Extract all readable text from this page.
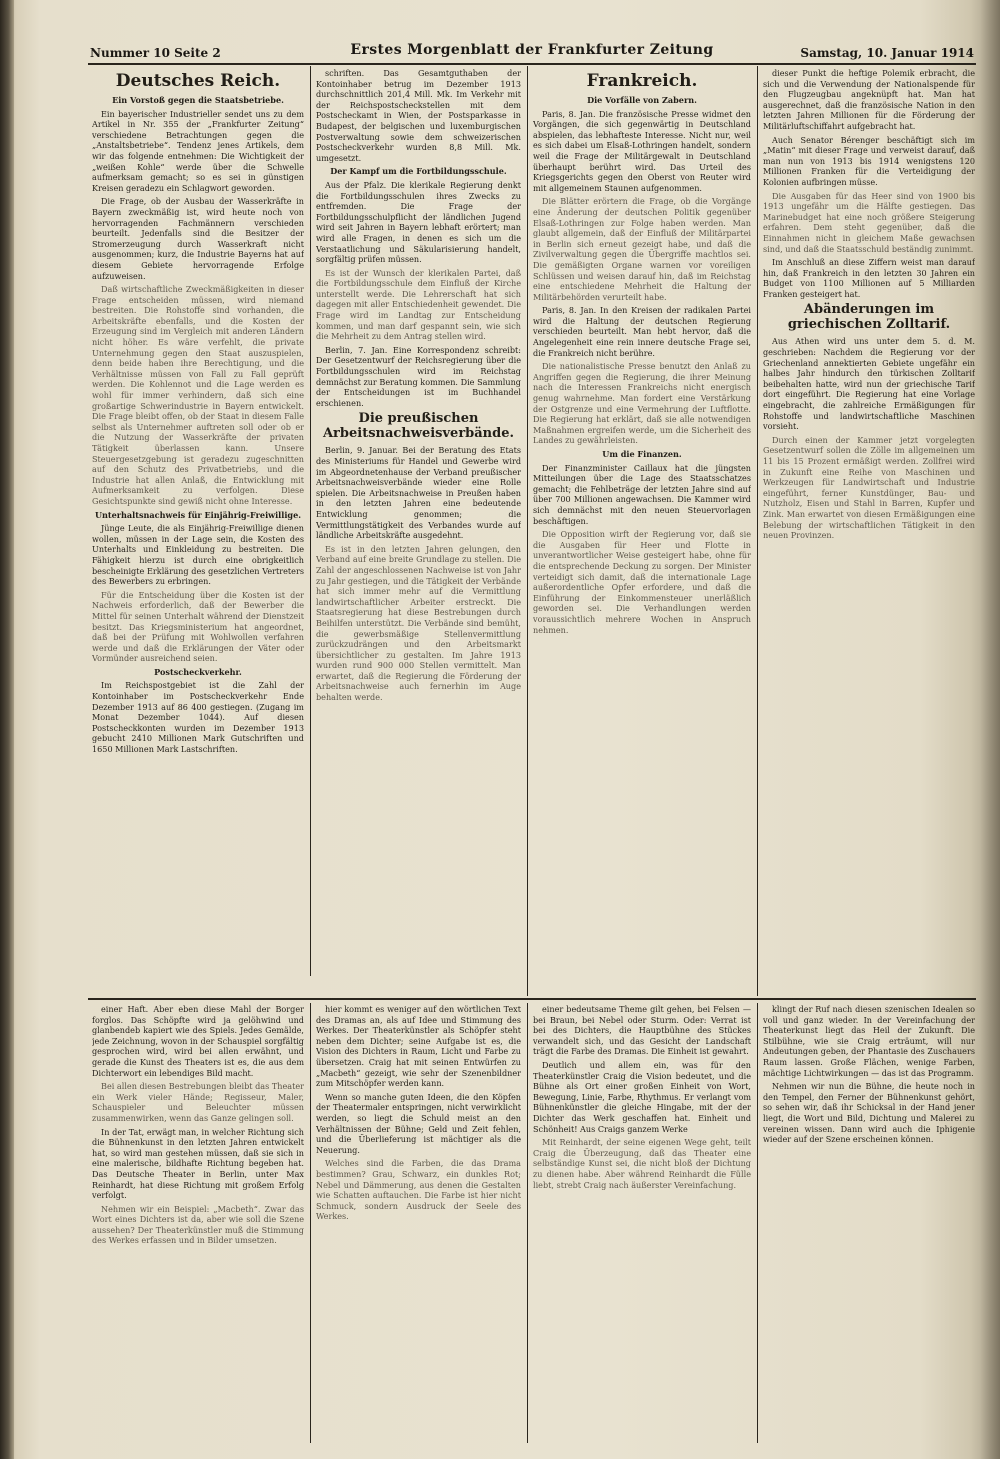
Nummer 10 Seite 2	Erstes Morgenblatt der Frankfurter Zeitung	Samstag, 10. Januar 1914
Deutsches Reich.
Ein Vorstoß gegen die Staatsbetriebe.

Ein bayerischer Industrieller sendet uns zu dem Artikel in Nr. 355 der „Frankfurter Zeitung“ verschiedene Betrachtungen gegen die „Anstaltsbetriebe“. Tendenz jenes Artikels, dem wir das folgende entnehmen: Die Wichtigkeit der „weißen Kohle“ werde über die Schwelle aufmerksam gemacht; so es sei in günstigen Kreisen geradezu ein Schlagwort geworden.

Die Frage, ob der Ausbau der Wasserkräfte in Bayern zweckmäßig ist, wird heute noch von hervorragenden Fachmännern verschieden beurteilt. Jedenfalls sind die Besitzer der Stromerzeugung durch Wasserkraft nicht ausgenommen; kurz, die Industrie Bayerns hat auf diesem Gebiete hervorragende Erfolge aufzuweisen.

Daß wirtschaftliche Zweckmäßigkeiten in dieser Frage entscheiden müssen, wird niemand bestreiten. Die Rohstoffe sind vorhanden, die Arbeitskräfte ebenfalls, und die Kosten der Erzeugung sind im Vergleich mit anderen Ländern nicht höher. Es wäre verfehlt, die private Unternehmung gegen den Staat auszuspielen, denn beide haben ihre Berechtigung, und die Verhältnisse müssen von Fall zu Fall geprüft werden. Die Kohlennot und die Lage werden es wohl für immer verhindern, daß sich eine großartige Schwerindustrie in Bayern entwickelt. Die Frage bleibt offen, ob der Staat in diesem Falle selbst als Unternehmer auftreten soll oder ob er die Nutzung der Wasserkräfte der privaten Tätigkeit überlassen kann. Unsere Steuergesetzgebung ist geradezu zugeschnitten auf den Schutz des Privatbetriebs, und die Industrie hat allen Anlaß, die Entwicklung mit Aufmerksamkeit zu verfolgen. Diese Gesichtspunkte sind gewiß nicht ohne Interesse.

Unterhaltsnachweis für Einjährig-Freiwillige.

Jünge Leute, die als Einjährig-Freiwillige dienen wollen, müssen in der Lage sein, die Kosten des Unterhalts und Einkleidung zu bestreiten. Die Fähigkeit hierzu ist durch eine obrigkeitlich bescheinigte Erklärung des gesetzlichen Vertreters des Bewerbers zu erbringen.

Für die Entscheidung über die Kosten ist der Nachweis erforderlich, daß der Bewerber die Mittel für seinen Unterhalt während der Dienstzeit besitzt. Das Kriegsministerium hat angeordnet, daß bei der Prüfung mit Wohlwollen verfahren werde und daß die Erklärungen der Väter oder Vormünder ausreichend seien.

Postscheckverkehr.

Im Reichspostgebiet ist die Zahl der Kontoinhaber im Postscheckverkehr Ende Dezember 1913 auf 86 400 gestiegen. (Zugang im Monat Dezember 1044). Auf diesen Postscheckkonten wurden im Dezember 1913 gebucht 2410 Millionen Mark Gutschriften und 1650 Millionen Mark Lastschriften.

schriften. Das Gesamtguthaben der Kontoinhaber betrug im Dezember 1913 durchschnittlich 201,4 Mill. Mk. Im Verkehr mit der Reichspostscheckstellen mit dem Postscheckamt in Wien, der Postsparkasse in Budapest, der belgischen und luxemburgischen Postverwaltung sowie dem schweizerischen Postscheckverkehr wurden 8,8 Mill. Mk. umgesetzt.

Der Kampf um die Fortbildungsschule.

Aus der Pfalz. Die klerikale Regierung denkt die Fortbildungsschulen ihres Zwecks zu entfremden. Die Frage der Fortbildungsschulpflicht der ländlichen Jugend wird seit Jahren in Bayern lebhaft erörtert; man wird alle Fragen, in denen es sich um die Verstaatlichung und Säkularisierung handelt, sorgfältig prüfen müssen.

Es ist der Wunsch der klerikalen Partei, daß die Fortbildungsschule dem Einfluß der Kirche unterstellt werde. Die Lehrerschaft hat sich dagegen mit aller Entschiedenheit gewendet. Die Frage wird im Landtag zur Entscheidung kommen, und man darf gespannt sein, wie sich die Mehrheit zu dem Antrag stellen wird.

Berlin, 7. Jan. Eine Korrespondenz schreibt: Der Gesetzentwurf der Reichsregierung über die Fortbildungsschulen wird im Reichstag demnächst zur Beratung kommen. Die Sammlung der Entscheidungen ist im Buchhandel erschienen.

Die preußischen Arbeitsnachweisverbände.

Berlin, 9. Januar. Bei der Beratung des Etats des Ministeriums für Handel und Gewerbe wird im Abgeordnetenhause der Verband preußischer Arbeitsnachweisverbände wieder eine Rolle spielen. Die Arbeitsnachweise in Preußen haben in den letzten Jahren eine bedeutende Entwicklung genommen; die Vermittlungstätigkeit des Verbandes wurde auf ländliche Arbeitskräfte ausgedehnt.

Es ist in den letzten Jahren gelungen, den Verband auf eine breite Grundlage zu stellen. Die Zahl der angeschlossenen Nachweise ist von Jahr zu Jahr gestiegen, und die Tätigkeit der Verbände hat sich immer mehr auf die Vermittlung landwirtschaftlicher Arbeiter erstreckt. Die Staatsregierung hat diese Bestrebungen durch Beihilfen unterstützt. Die Verbände sind bemüht, die gewerbsmäßige Stellenvermittlung zurückzudrängen und den Arbeitsmarkt übersichtlicher zu gestalten. Im Jahre 1913 wurden rund 900 000 Stellen vermittelt. Man erwartet, daß die Regierung die Förderung der Arbeitsnachweise auch fernerhin im Auge behalten werde.

Frankreich.
Die Vorfälle von Zabern.

Paris, 8. Jan. Die französische Presse widmet den Vorgängen, die sich gegenwärtig in Deutschland abspielen, das lebhafteste Interesse. Nicht nur, weil es sich dabei um Elsaß-Lothringen handelt, sondern weil die Frage der Militärgewalt in Deutschland überhaupt berührt wird. Das Urteil des Kriegsgerichts gegen den Oberst von Reuter wird mit allgemeinem Staunen aufgenommen.

Die Blätter erörtern die Frage, ob die Vorgänge eine Änderung der deutschen Politik gegenüber Elsaß-Lothringen zur Folge haben werden. Man glaubt allgemein, daß der Einfluß der Militärpartei in Berlin sich erneut gezeigt habe, und daß die Zivilverwaltung gegen die Übergriffe machtlos sei. Die gemäßigten Organe warnen vor voreiligen Schlüssen und weisen darauf hin, daß im Reichstag eine entschiedene Mehrheit die Haltung der Militärbehörden verurteilt habe.

Paris, 8. Jan. In den Kreisen der radikalen Partei wird die Haltung der deutschen Regierung verschieden beurteilt. Man hebt hervor, daß die Angelegenheit eine rein innere deutsche Frage sei, die Frankreich nicht berühre.

Die nationalistische Presse benutzt den Anlaß zu Angriffen gegen die Regierung, die ihrer Meinung nach die Interessen Frankreichs nicht energisch genug wahrnehme. Man fordert eine Verstärkung der Ostgrenze und eine Vermehrung der Luftflotte. Die Regierung hat erklärt, daß sie alle notwendigen Maßnahmen ergreifen werde, um die Sicherheit des Landes zu gewährleisten.

Um die Finanzen.

Der Finanzminister Caillaux hat die jüngsten Mitteilungen über die Lage des Staatsschatzes gemacht; die Fehlbeträge der letzten Jahre sind auf über 700 Millionen angewachsen. Die Kammer wird sich demnächst mit den neuen Steuervorlagen beschäftigen.

Die Opposition wirft der Regierung vor, daß sie die Ausgaben für Heer und Flotte in unverantwortlicher Weise gesteigert habe, ohne für die entsprechende Deckung zu sorgen. Der Minister verteidigt sich damit, daß die internationale Lage außerordentliche Opfer erfordere, und daß die Einführung der Einkommensteuer unerläßlich geworden sei. Die Verhandlungen werden voraussichtlich mehrere Wochen in Anspruch nehmen.

dieser Punkt die heftige Polemik erbracht, die sich und die Verwendung der Nationalspende für den Flugzeugbau angeknüpft hat. Man hat ausgerechnet, daß die französische Nation in den letzten Jahren Millionen für die Förderung der Militärluftschiffahrt aufgebracht hat.

Auch Senator Bérenger beschäftigt sich im „Matin“ mit dieser Frage und verweist darauf, daß man nun von 1913 bis 1914 wenigstens 120 Millionen Franken für die Verteidigung der Kolonien aufbringen müsse.

Die Ausgaben für das Heer sind von 1900 bis 1913 ungefähr um die Hälfte gestiegen. Das Marinebudget hat eine noch größere Steigerung erfahren. Dem steht gegenüber, daß die Einnahmen nicht in gleichem Maße gewachsen sind, und daß die Staatsschuld beständig zunimmt.

Im Anschluß an diese Ziffern weist man darauf hin, daß Frankreich in den letzten 30 Jahren ein Budget von 1100 Millionen auf 5 Milliarden Franken gesteigert hat.

Abänderungen im griechischen Zolltarif.

Aus Athen wird uns unter dem 5. d. M. geschrieben: Nachdem die Regierung vor der Griechenland annektierten Gebiete ungefähr ein halbes Jahr hindurch den türkischen Zolltarif beibehalten hatte, wird nun der griechische Tarif dort eingeführt. Die Regierung hat eine Vorlage eingebracht, die zahlreiche Ermäßigungen für Rohstoffe und landwirtschaftliche Maschinen vorsieht.

Durch einen der Kammer jetzt vorgelegten Gesetzentwurf sollen die Zölle im allgemeinen um 11 bis 15 Prozent ermäßigt werden. Zollfrei wird in Zukunft eine Reihe von Maschinen und Werkzeugen für Landwirtschaft und Industrie eingeführt, ferner Kunstdünger, Bau- und Nutzholz, Eisen und Stahl in Barren, Kupfer und Zink. Man erwartet von diesen Ermäßigungen eine Belebung der wirtschaftlichen Tätigkeit in den neuen Provinzen.

einer Haft. Aber eben diese Mahl der Borger forglos. Das Schöpfte wird ja gelöhwind und glanbendeb kapiert wie des Spiels. Jedes Gemälde, jede Zeichnung, wovon in der Schauspiel sorgfältig gesprochen wird, wird bei allen erwähnt, und gerade die Kunst des Theaters ist es, die aus dem Dichterwort ein lebendiges Bild macht.

Bei allen diesen Bestrebungen bleibt das Theater ein Werk vieler Hände; Regisseur, Maler, Schauspieler und Beleuchter müssen zusammenwirken, wenn das Ganze gelingen soll.

In der Tat, erwägt man, in welcher Richtung sich die Bühnenkunst in den letzten Jahren entwickelt hat, so wird man gestehen müssen, daß sie sich in eine malerische, bildhafte Richtung begeben hat. Das Deutsche Theater in Berlin, unter Max Reinhardt, hat diese Richtung mit großem Erfolg verfolgt.

Nehmen wir ein Beispiel: „Macbeth“. Zwar das Wort eines Dichters ist da, aber wie soll die Szene aussehen? Der Theaterkünstler muß die Stimmung des Werkes erfassen und in Bilder umsetzen.

hier kommt es weniger auf den wörtlichen Text des Dramas an, als auf Idee und Stimmung des Werkes. Der Theaterkünstler als Schöpfer steht neben dem Dichter; seine Aufgabe ist es, die Vision des Dichters in Raum, Licht und Farbe zu übersetzen. Craig hat mit seinen Entwürfen zu „Macbeth“ gezeigt, wie sehr der Szenenbildner zum Mitschöpfer werden kann.

Wenn so manche guten Ideen, die den Köpfen der Theatermaler entspringen, nicht verwirklicht werden, so liegt die Schuld meist an den Verhältnissen der Bühne; Geld und Zeit fehlen, und die Überlieferung ist mächtiger als die Neuerung.

Welches sind die Farben, die das Drama bestimmen? Grau, Schwarz, ein dunkles Rot; Nebel und Dämmerung, aus denen die Gestalten wie Schatten auftauchen. Die Farbe ist hier nicht Schmuck, sondern Ausdruck der Seele des Werkes.

einer bedeutsame Theme gilt gehen, bei Felsen — bei Braun, bei Nebel oder Sturm. Oder: Verrat ist bei des Dichters, die Hauptbühne des Stückes verwandelt sich, und das Gesicht der Landschaft trägt die Farbe des Dramas. Die Einheit ist gewahrt.

Deutlich und allem ein, was für den Theaterkünstler Craig die Vision bedeutet, und die Bühne als Ort einer großen Einheit von Wort, Bewegung, Linie, Farbe, Rhythmus. Er verlangt vom Bühnenkünstler die gleiche Hingabe, mit der der Dichter das Werk geschaffen hat. Einheit und Schönheit! Aus Craigs ganzem Werke

Mit Reinhardt, der seine eigenen Wege geht, teilt Craig die Überzeugung, daß das Theater eine selbständige Kunst sei, die nicht bloß der Dichtung zu dienen habe. Aber während Reinhardt die Fülle liebt, strebt Craig nach äußerster Vereinfachung.

klingt der Ruf nach diesen szenischen Idealen so voll und ganz wieder. In der Vereinfachung der Theaterkunst liegt das Heil der Zukunft. Die Stilbühne, wie sie Craig erträumt, will nur Andeutungen geben, der Phantasie des Zuschauers Raum lassen. Große Flächen, wenige Farben, mächtige Lichtwirkungen — das ist das Programm.

Nehmen wir nun die Bühne, die heute noch in den Tempel, den Ferner der Bühnenkunst gehört, so sehen wir, daß ihr Schicksal in der Hand jener liegt, die Wort und Bild, Dichtung und Malerei zu vereinen wissen. Dann wird auch die Iphigenie wieder auf der Szene erscheinen können.
